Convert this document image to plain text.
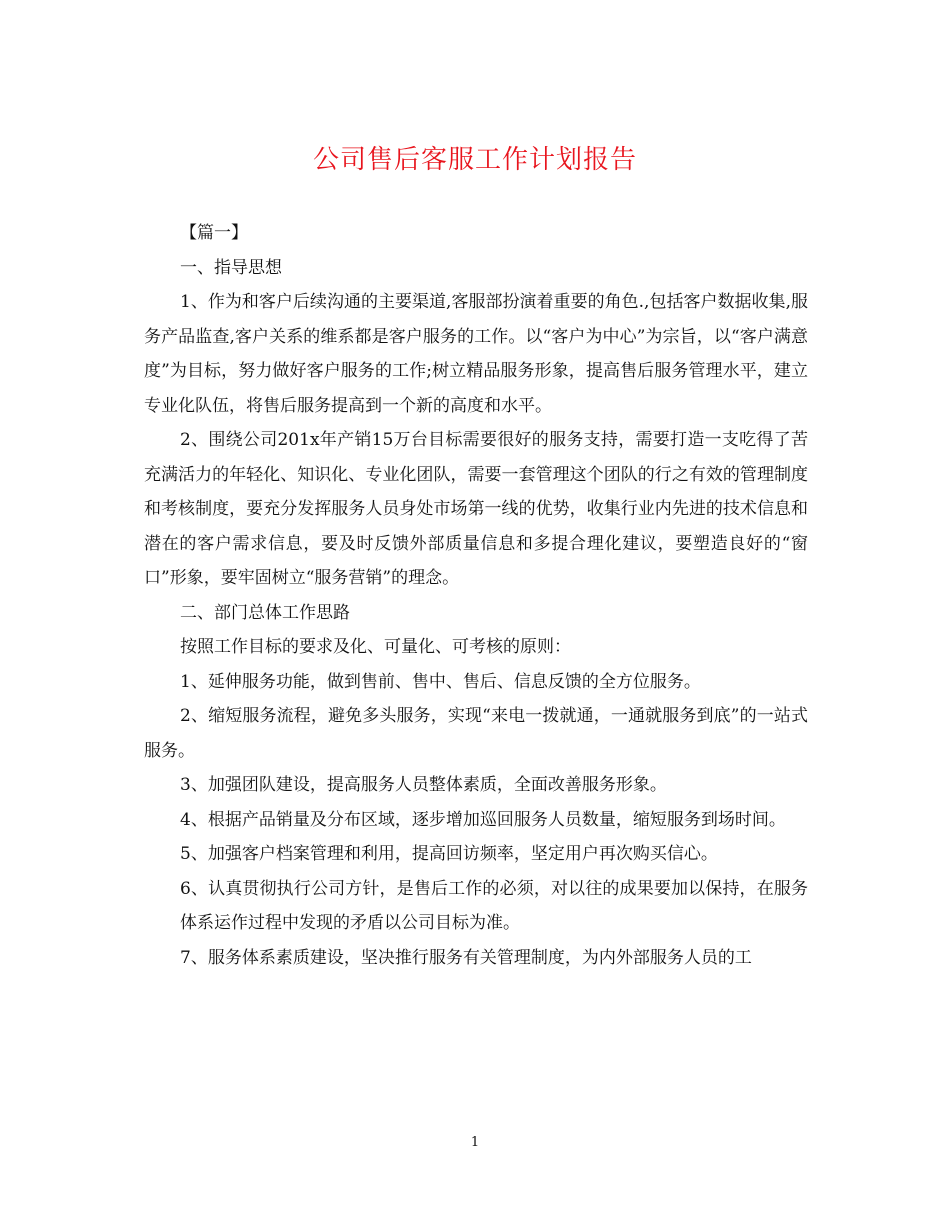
公司售后客服工作计划报告

【篇一】

一、指导思想

1、作为和客户后续沟通的主要渠道,客服部扮演着重要的角色.,包括客户数据收集,服务产品监查,客户关系的维系都是客户服务的工作。以“客户为中心”为宗旨，以“客户满意度”为目标，努力做好客户服务的工作;树立精品服务形象，提高售后服务管理水平，建立专业化队伍，将售后服务提高到一个新的高度和水平。

2、围绕公司201x年产销15万台目标需要很好的服务支持，需要打造一支吃得了苦充满活力的年轻化、知识化、专业化团队，需要一套管理这个团队的行之有效的管理制度和考核制度，要充分发挥服务人员身处市场第一线的优势，收集行业内先进的技术信息和潜在的客户需求信息，要及时反馈外部质量信息和多提合理化建议，要塑造良好的“窗口”形象，要牢固树立“服务营销”的理念。

二、部门总体工作思路

按照工作目标的要求及化、可量化、可考核的原则：

1、延伸服务功能，做到售前、售中、售后、信息反馈的全方位服务。

2、缩短服务流程，避免多头服务，实现“来电一拨就通，一通就服务到底”的一站式服务。

3、加强团队建设，提高服务人员整体素质，全面改善服务形象。

4、根据产品销量及分布区域，逐步增加巡回服务人员数量，缩短服务到场时间。

5、加强客户档案管理和利用，提高回访频率，坚定用户再次购买信心。

6、认真贯彻执行公司方针，是售后工作的必须，对以往的成果要加以保持，在服务体系运作过程中发现的矛盾以公司目标为准。

7、服务体系素质建设，坚决推行服务有关管理制度，为内外部服务人员的工

1
